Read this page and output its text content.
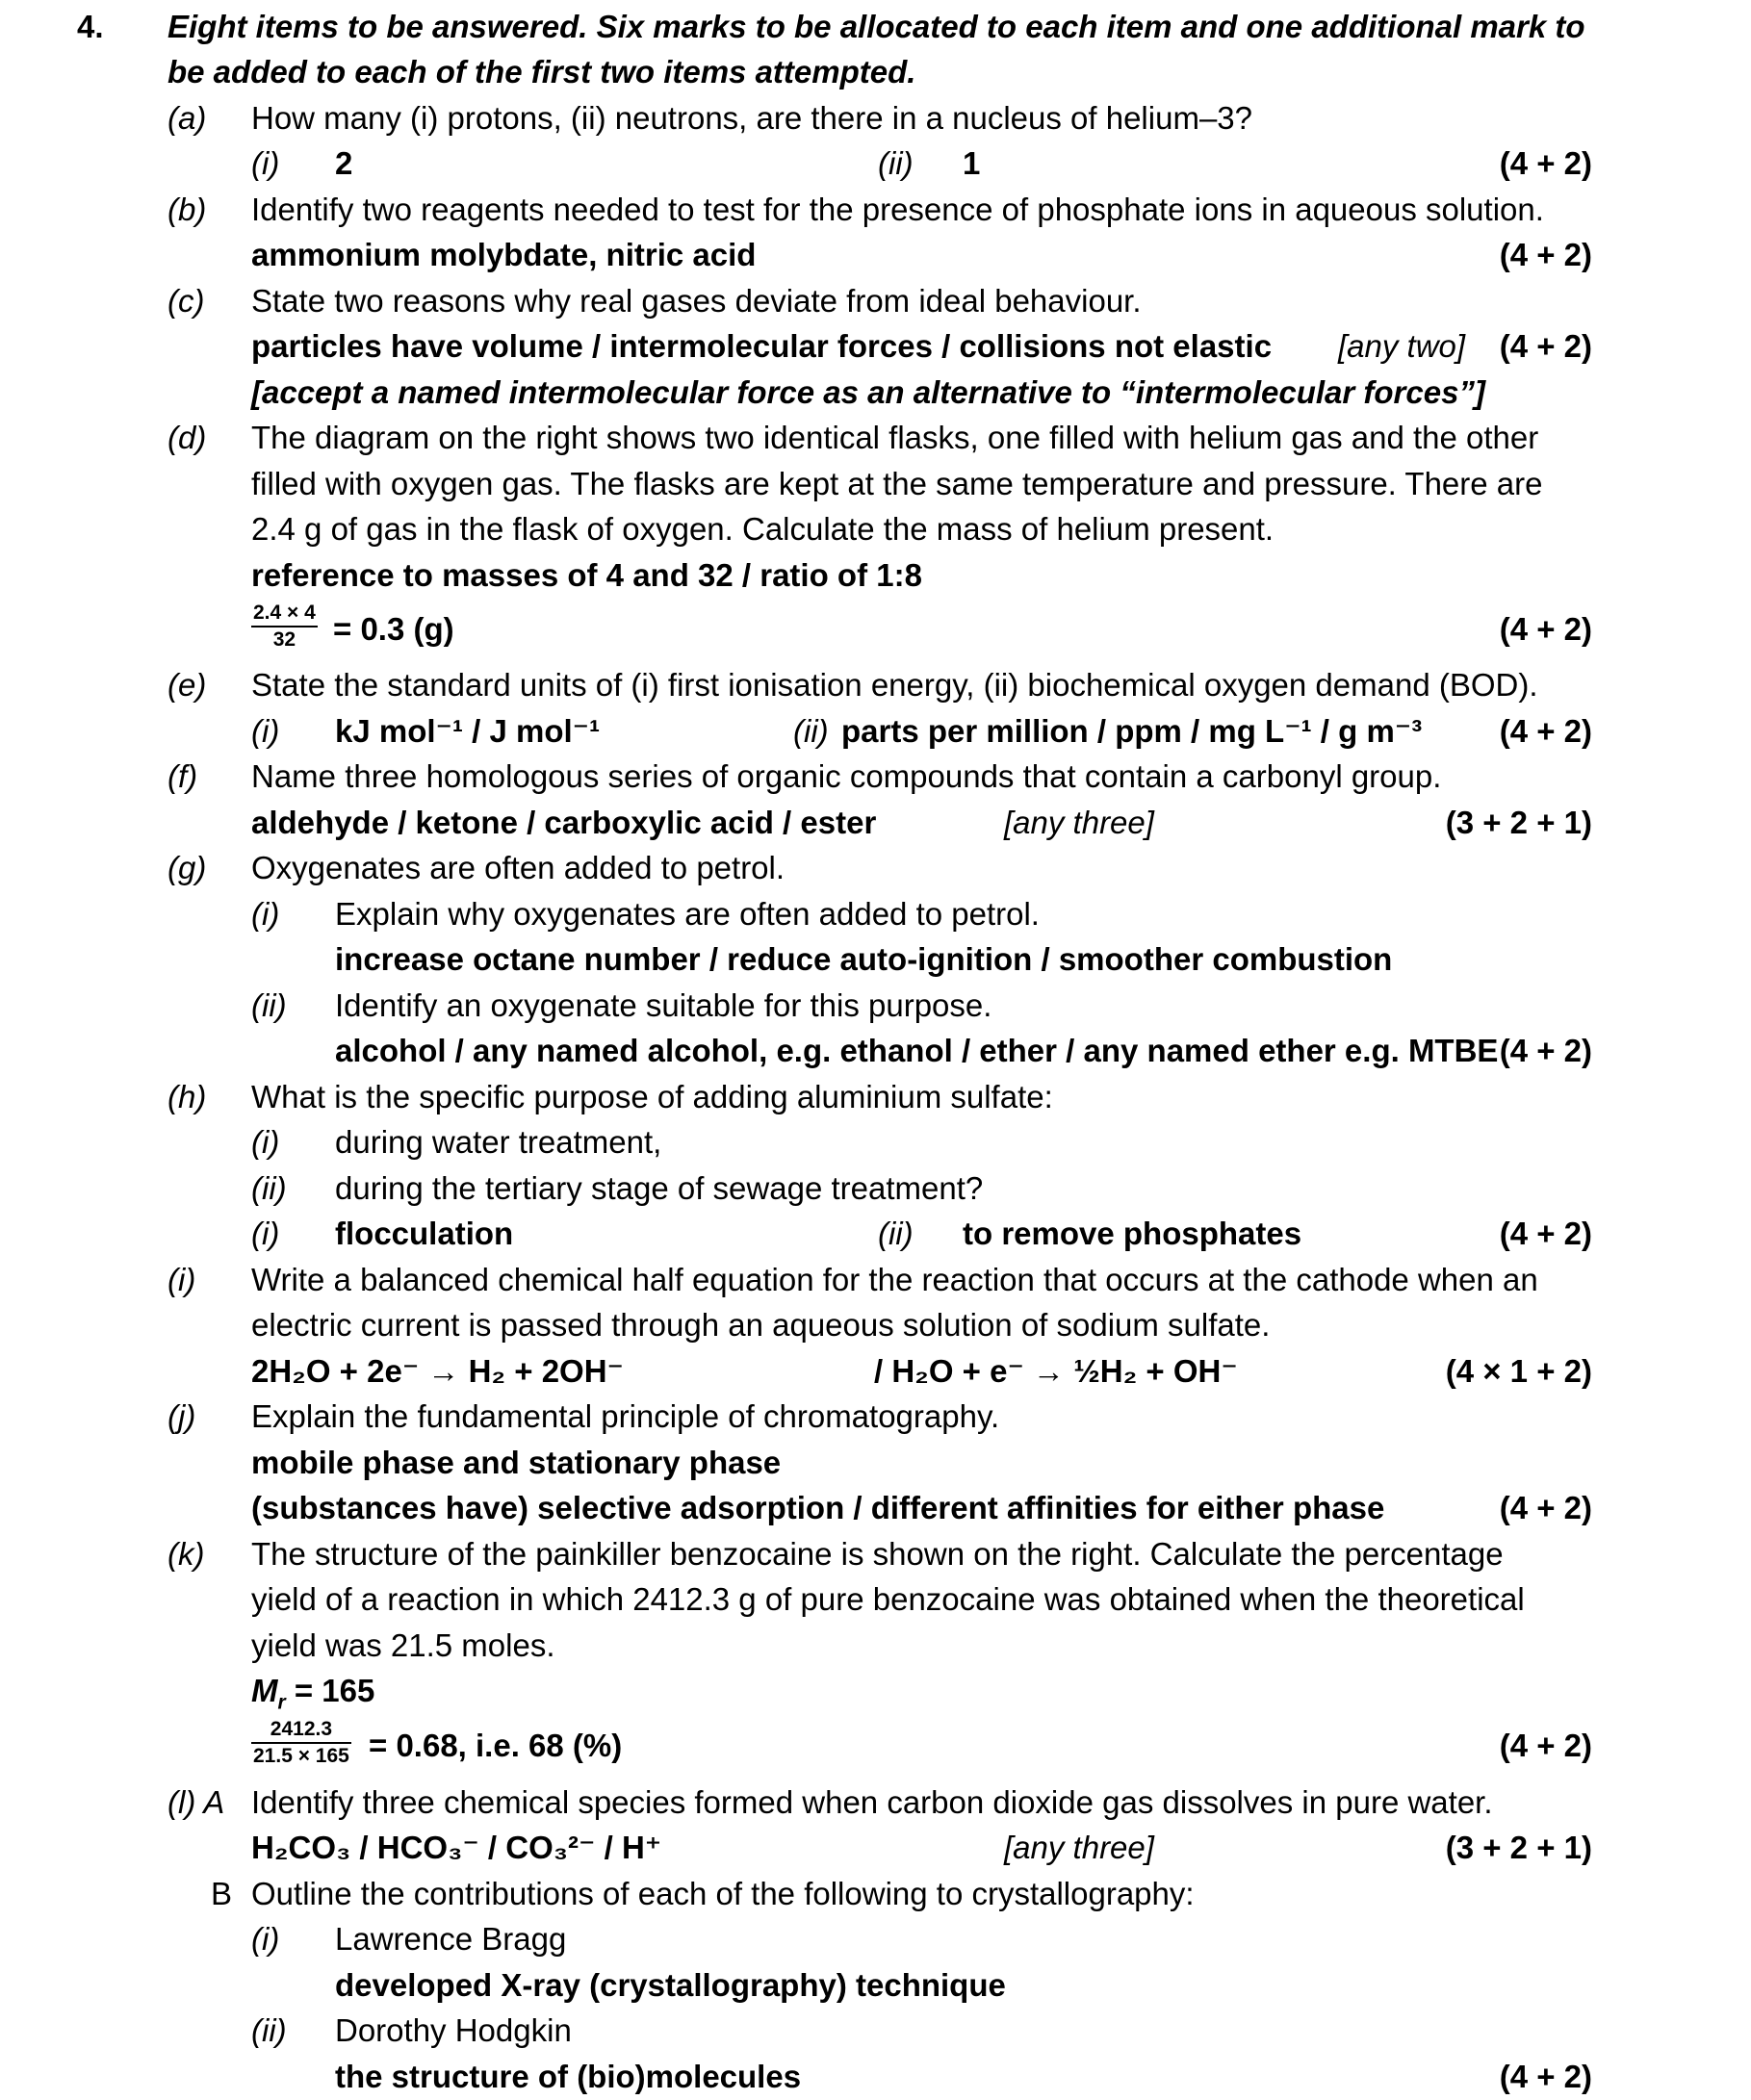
4. Eight items to be answered. Six marks to be allocated to each item and one additional mark to
be added to each of the first two items attempted.
(a) How many (i) protons, (ii) neutrons, are there in a nucleus of helium–3?
(i) 2	(ii) 1	(4 + 2)
(b) Identify two reagents needed to test for the presence of phosphate ions in aqueous solution.
ammonium molybdate, nitric acid	(4 + 2)
(c) State two reasons why real gases deviate from ideal behaviour.
particles have volume / intermolecular forces / collisions not elastic [any two] (4 + 2)
[accept a named intermolecular force as an alternative to “intermolecular forces”]
(d) The diagram on the right shows two identical flasks, one filled with helium gas and the other
filled with oxygen gas. The flasks are kept at the same temperature and pressure. There are
2.4 g of gas in the flask of oxygen. Calculate the mass of helium present.
reference to masses of 4 and 32 / ratio of 1:8
$\frac{2.4 \times 4}{32} = 0.3$ (g)	(4 + 2)
(e) State the standard units of (i) first ionisation energy, (ii) biochemical oxygen demand (BOD).
(i) kJ mol⁻¹ / J mol⁻¹	(ii) parts per million / ppm / mg L⁻¹ / g m⁻³ (4 + 2)
(f) Name three homologous series of organic compounds that contain a carbonyl group.
aldehyde / ketone / carboxylic acid / ester	[any three]	(3 + 2 + 1)
(g) Oxygenates are often added to petrol.
(i) Explain why oxygenates are often added to petrol.
increase octane number / reduce auto-ignition / smoother combustion
(ii) Identify an oxygenate suitable for this purpose.
alcohol / any named alcohol, e.g. ethanol / ether / any named ether e.g. MTBE (4 + 2)
(h) What is the specific purpose of adding aluminium sulfate:
(i) during water treatment,
(ii) during the tertiary stage of sewage treatment?
(i) flocculation	(ii) to remove phosphates	(4 + 2)
(i) Write a balanced chemical half equation for the reaction that occurs at the cathode when an
electric current is passed through an aqueous solution of sodium sulfate.
2H₂O + 2e⁻ → H₂ + 2OH⁻	/ H₂O + e⁻ → ½H₂ + OH⁻	(4 × 1 + 2)
(j) Explain the fundamental principle of chromatography.
mobile phase and stationary phase
(substances have) selective adsorption / different affinities for either phase	(4 + 2)
(k) The structure of the painkiller benzocaine is shown on the right. Calculate the percentage
yield of a reaction in which 2412.3 g of pure benzocaine was obtained when the theoretical
yield was 21.5 moles.
$M_r = 165$
$\frac{2412.3}{21.5 \times 165} = 0.68$, i.e. 68 (%)	(4 + 2)
(l) A Identify three chemical species formed when carbon dioxide gas dissolves in pure water.
H₂CO₃ / HCO₃⁻ / CO₃²⁻ / H⁺	[any three]	(3 + 2 + 1)
B Outline the contributions of each of the following to crystallography:
(i) Lawrence Bragg
developed X-ray (crystallography) technique
(ii) Dorothy Hodgkin
the structure of (bio)molecules	(4 + 2)
